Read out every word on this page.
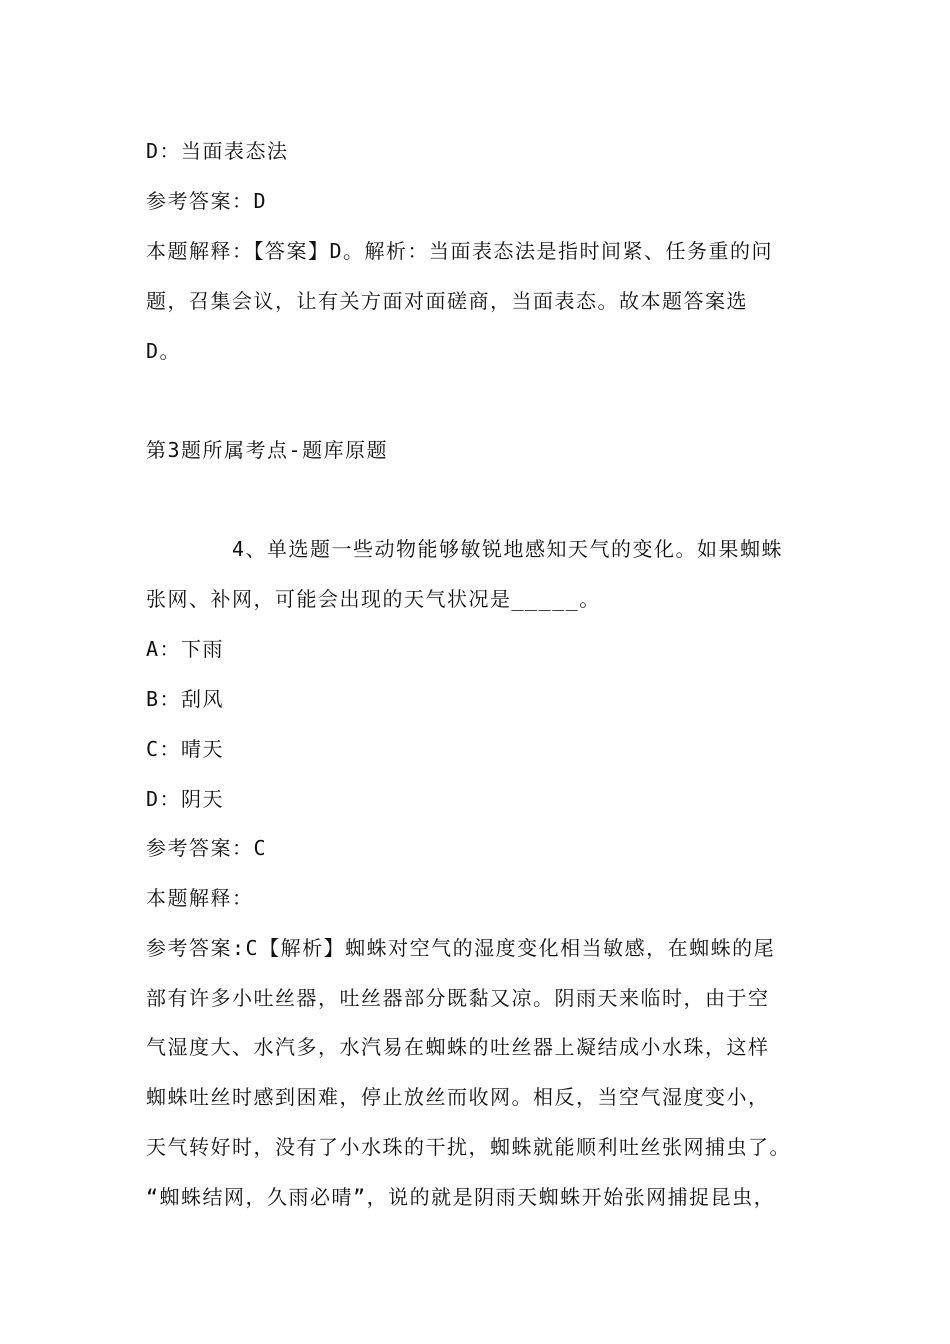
D：当面表态法
参考答案：D
本题解释：【答案】D。解析：当面表态法是指时间紧、任务重的问
题，召集会议，让有关方面对面磋商，当面表态。故本题答案选
D。
第3题所属考点-题库原题
4、单选题一些动物能够敏锐地感知天气的变化。如果蜘蛛
张网、补网，可能会出现的天气状况是_____。
A：下雨
B：刮风
C：晴天
D：阴天
参考答案：C
本题解释：
参考答案:C【解析】蜘蛛对空气的湿度变化相当敏感，在蜘蛛的尾
部有许多小吐丝器，吐丝器部分既黏又凉。阴雨天来临时，由于空
气湿度大、水汽多，水汽易在蜘蛛的吐丝器上凝结成小水珠，这样
蜘蛛吐丝时感到困难，停止放丝而收网。相反，当空气湿度变小，
天气转好时，没有了小水珠的干扰，蜘蛛就能顺利吐丝张网捕虫了。
“蜘蛛结网，久雨必晴”，说的就是阴雨天蜘蛛开始张网捕捉昆虫，
